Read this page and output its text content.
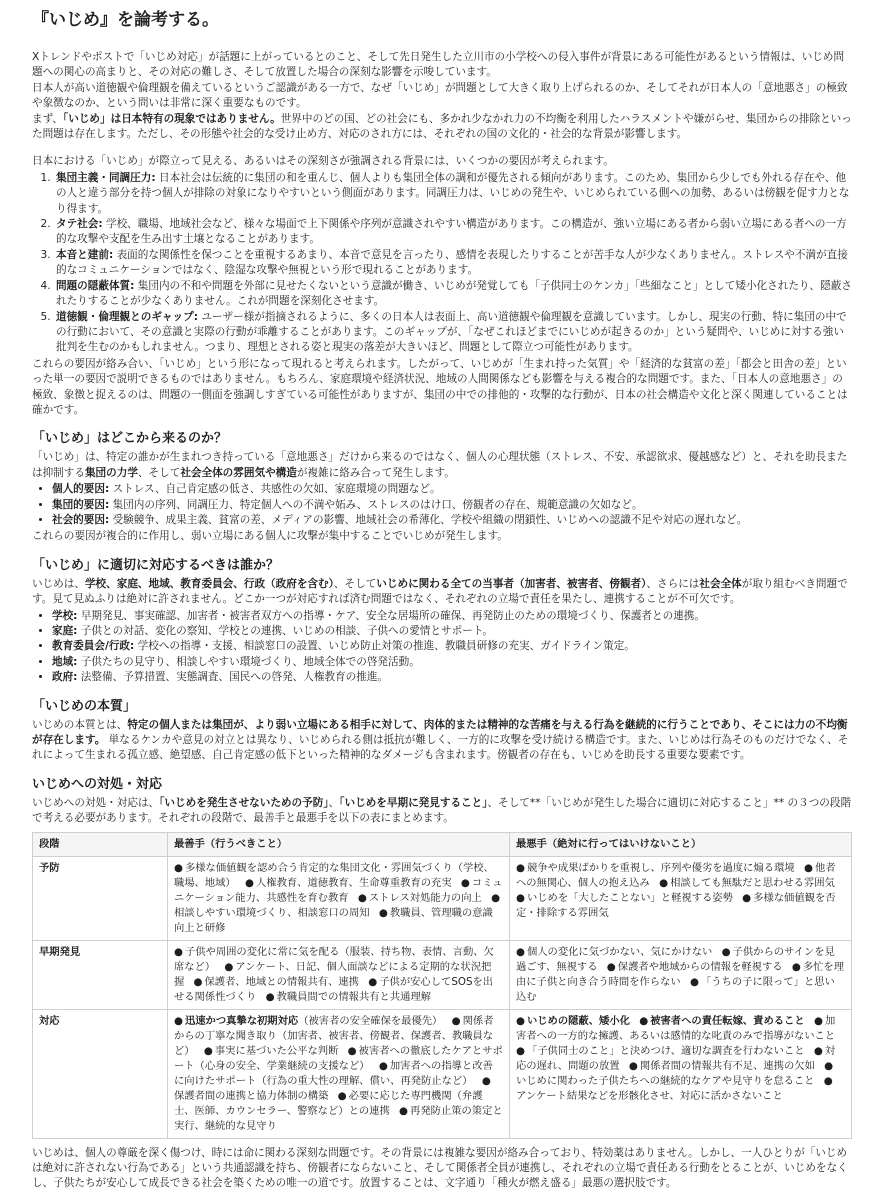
『いじめ』を論考する。

Xトレンドやポストで「いじめ対応」が話題に上がっているとのこと、そして先日発生した立川市の小学校への侵入事件が背景にある可能性があるという情報は、いじめ問題への関心の高まりと、その対応の難しさ、そして放置した場合の深刻な影響を示唆しています。

日本人が高い道徳観や倫理観を備えているというご認識がある一方で、なぜ「いじめ」が問題として大きく取り上げられるのか、そしてそれが日本人の「意地悪さ」の極致や象徴なのか、という問いは非常に深く重要なものです。

まず、「いじめ」は日本特有の現象ではありません。世界中のどの国、どの社会にも、多かれ少なかれ力の不均衡を利用したハラスメントや嫌がらせ、集団からの排除といった問題は存在します。ただし、その形態や社会的な受け止め方、対応のされ方には、それぞれの国の文化的・社会的な背景が影響します。

日本における「いじめ」が際立って見える、あるいはその深刻さが強調される背景には、いくつかの要因が考えられます。

1. 集団主義・同調圧力: 日本社会は伝統的に集団の和を重んじ、個人よりも集団全体の調和が優先される傾向があります。このため、集団から少しでも外れる存在や、他の人と違う部分を持つ個人が排除の対象になりやすいという側面があります。同調圧力は、いじめの発生や、いじめられている側への加勢、あるいは傍観を促す力となり得ます。
2. タテ社会: 学校、職場、地域社会など、様々な場面で上下関係や序列が意識されやすい構造があります。この構造が、強い立場にある者から弱い立場にある者への一方的な攻撃や支配を生み出す土壌となることがあります。
3. 本音と建前: 表面的な関係性を保つことを重視するあまり、本音で意見を言ったり、感情を表現したりすることが苦手な人が少なくありません。ストレスや不満が直接的なコミュニケーションではなく、陰湿な攻撃や無視という形で現れることがあります。
4. 問題の隠蔽体質: 集団内の不和や問題を外部に見せたくないという意識が働き、いじめが発覚しても「子供同士のケンカ」「些細なこと」として矮小化されたり、隠蔽されたりすることが少なくありません。これが問題を深刻化させます。
5. 道徳観・倫理観とのギャップ: ユーザー様が指摘されるように、多くの日本人は表面上、高い道徳観や倫理観を意識しています。しかし、現実の行動、特に集団の中での行動において、その意識と実際の行動が乖離することがあります。このギャップが、「なぜこれほどまでにいじめが起きるのか」という疑問や、いじめに対する強い批判を生むのかもしれません。つまり、理想とされる姿と現実の落差が大きいほど、問題として際立つ可能性があります。

これらの要因が絡み合い、「いじめ」という形になって現れると考えられます。したがって、いじめが「生まれ持った気質」や「経済的な貧富の差」「都会と田舎の差」といった単一の要因で説明できるものではありません。もちろん、家庭環境や経済状況、地域の人間関係なども影響を与える複合的な問題です。また、「日本人の意地悪さ」の極致、象徴と捉えるのは、問題の一側面を強調しすぎている可能性がありますが、集団の中での排他的・攻撃的な行動が、日本の社会構造や文化と深く関連していることは確かです。

「いじめ」はどこから来るのか？

「いじめ」は、特定の誰かが生まれつき持っている「意地悪さ」だけから来るのではなく、個人の心理状態（ストレス、不安、承認欲求、優越感など）と、それを助長または抑制する集団の力学、そして社会全体の雰囲気や構造が複雑に絡み合って発生します。

• 個人的要因: ストレス、自己肯定感の低さ、共感性の欠如、家庭環境の問題など。
• 集団的要因: 集団内の序列、同調圧力、特定個人への不満や妬み、ストレスのはけ口、傍観者の存在、規範意識の欠如など。
• 社会的要因: 受験競争、成果主義、貧富の差、メディアの影響、地域社会の希薄化、学校や組織の閉鎖性、いじめへの認識不足や対応の遅れなど。

これらの要因が複合的に作用し、弱い立場にある個人に攻撃が集中することでいじめが発生します。

「いじめ」に適切に対応するべきは誰か？

いじめは、学校、家庭、地域、教育委員会、行政（政府を含む）、そしていじめに関わる全ての当事者（加害者、被害者、傍観者）、さらには社会全体が取り組むべき問題です。見て見ぬふりは絶対に許されません。どこか一つが対応すれば済む問題ではなく、それぞれの立場で責任を果たし、連携することが不可欠です。

• 学校: 早期発見、事実確認、加害者・被害者双方への指導・ケア、安全な居場所の確保、再発防止のための環境づくり、保護者との連携。
• 家庭: 子供との対話、変化の察知、学校との連携、いじめの相談、子供への愛情とサポート。
• 教育委員会/行政: 学校への指導・支援、相談窓口の設置、いじめ防止対策の推進、教職員研修の充実、ガイドライン策定。
• 地域: 子供たちの見守り、相談しやすい環境づくり、地域全体での啓発活動。
• 政府: 法整備、予算措置、実態調査、国民への啓発、人権教育の推進。
「いじめの本質」

いじめの本質とは、特定の個人または集団が、より弱い立場にある相手に対して、肉体的または精神的な苦痛を与える行為を継続的に行うことであり、そこには力の不均衡が存在します。 単なるケンカや意見の対立とは異なり、いじめられる側は抵抗が難しく、一方的に攻撃を受け続ける構造です。また、いじめは行為そのものだけでなく、それによって生まれる孤立感、絶望感、自己肯定感の低下といった精神的なダメージも含まれます。傍観者の存在も、いじめを助長する重要な要素です。

いじめへの対処・対応

いじめへの対処・対応は、「いじめを発生させないための予防」、「いじめを早期に発見すること」、そして**「いじめが発生した場合に適切に対応すること」** の３つの段階で考える必要があります。それぞれの段階で、最善手と最悪手を以下の表にまとめます。

段階	最善手（行うべきこと）	最悪手（絶対に行ってはいけないこと）
予防	● 多様な価値観を認め合う肯定的な集団文化・雰囲気づくり（学校、職場、地域） ● 人権教育、道徳教育、生命尊重教育の充実 ● コミュニケーション能力、共感性を育む教育 ● ストレス対処能力の向上 ●相談しやすい環境づくり、相談窓口の周知 ● 教職員、管理職の意識向上と研修	● 競争や成果ばかりを重視し、序列や優劣を過度に煽る環境 ● 他者への無関心、個人の抱え込み ● 相談しても無駄だと思わせる雰囲気 ● いじめを「大したことない」と軽視する姿勢 ● 多様な価値観を否定・排除する雰囲気
早期発見	● 子供や周囲の変化に常に気を配る（服装、持ち物、表情、言動、欠席など） ● アンケート、日記、個人面談などによる定期的な状況把握 ● 保護者、地域との情報共有、連携 ● 子供が安心してSOSを出せる関係性づくり ● 教職員間での情報共有と共通理解	● 個人の変化に気づかない、気にかけない ● 子供からのサインを見過ごす、無視する ● 保護者や地域からの情報を軽視する ● 多忙を理由に子供と向き合う時間を作らない ● 「うちの子に限って」と思い込む
対応	● 迅速かつ真摯な初期対応（被害者の安全確保を最優先） ● 関係者からの丁寧な聞き取り（加害者、被害者、傍観者、保護者、教職員など） ● 事実に基づいた公平な判断 ● 被害者への徹底したケアとサポート（心身の安全、学業継続の支援など） ● 加害者への指導と改善に向けたサポート（行為の重大性の理解、償い、再発防止など） ●保護者間の連携と協力体制の構築 ● 必要に応じた専門機関（弁護士、医師、カウンセラー、警察など）との連携 ● 再発防止策の策定と実行、継続的な見守り	● いじめの隠蔽、矮小化 ● 被害者への責任転嫁、責めること ● 加害者への一方的な擁護、あるいは感情的な叱責のみで指導がないこと ● 「子供同士のこと」と決めつけ、適切な調査を行わないこと ● 対応の遅れ、問題の放置 ● 関係者間の情報共有不足、連携の欠如 ●いじめに関わった子供たちへの継続的なケアや見守りを怠ること ●アンケート結果などを形骸化させ、対応に活かさないこと

いじめは、個人の尊厳を深く傷つけ、時には命に関わる深刻な問題です。その背景には複雑な要因が絡み合っており、特効薬はありません。しかし、一人ひとりが「いじめは絶対に許されない行為である」という共通認識を持ち、傍観者にならないこと、そして関係者全員が連携し、それぞれの立場で責任ある行動をとることが、いじめをなくし、子供たちが安心して成長できる社会を築くための唯一の道です。放置することは、文字通り「種火が燃え盛る」最悪の選択肢です。
